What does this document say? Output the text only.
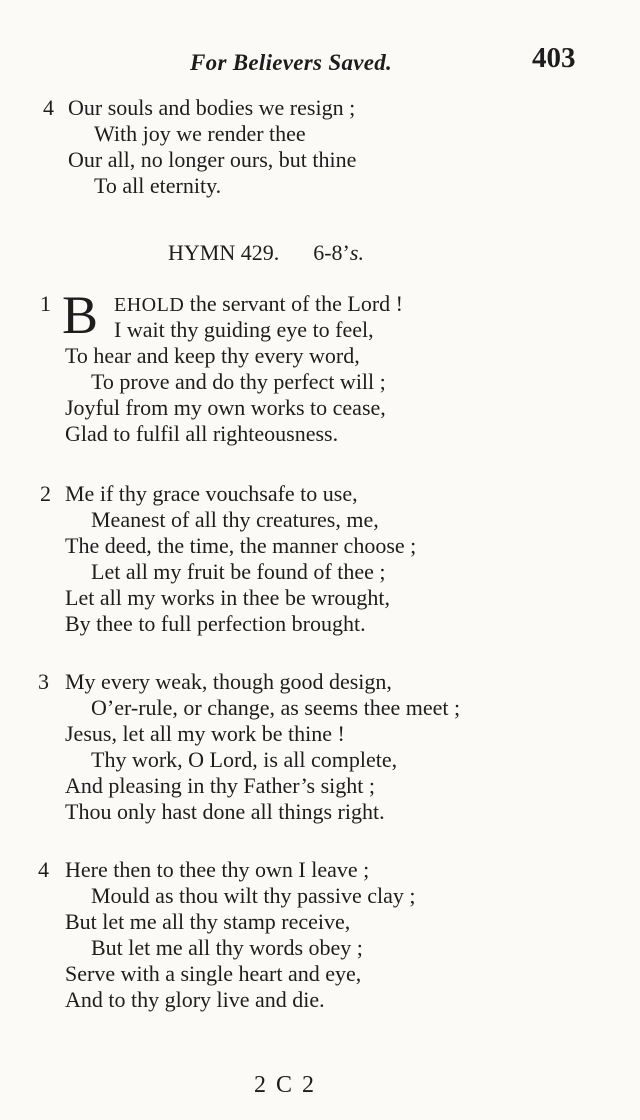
For Believers Saved.	403
4 Our souls and bodies we resign ;
With joy we render thee
Our all, no longer ours, but thine
To all eternity.
HYMN 429. 6-8’s.
1 B EHOLD the servant of the Lord !
I wait thy guiding eye to feel,
To hear and keep thy every word,
To prove and do thy perfect will ;
Joyful from my own works to cease,
Glad to fulfil all righteousness.
2 Me if thy grace vouchsafe to use,
Meanest of all thy creatures, me,
The deed, the time, the manner choose ;
Let all my fruit be found of thee ;
Let all my works in thee be wrought,
By thee to full perfection brought.
3 My every weak, though good design,
O’er-rule, or change, as seems thee meet ;
Jesus, let all my work be thine !
Thy work, O Lord, is all complete,
And pleasing in thy Father’s sight ;
Thou only hast done all things right.
4 Here then to thee thy own I leave ;
Mould as thou wilt thy passive clay ;
But let me all thy stamp receive,
But let me all thy words obey ;
Serve with a single heart and eye,
And to thy glory live and die.
2 C 2
